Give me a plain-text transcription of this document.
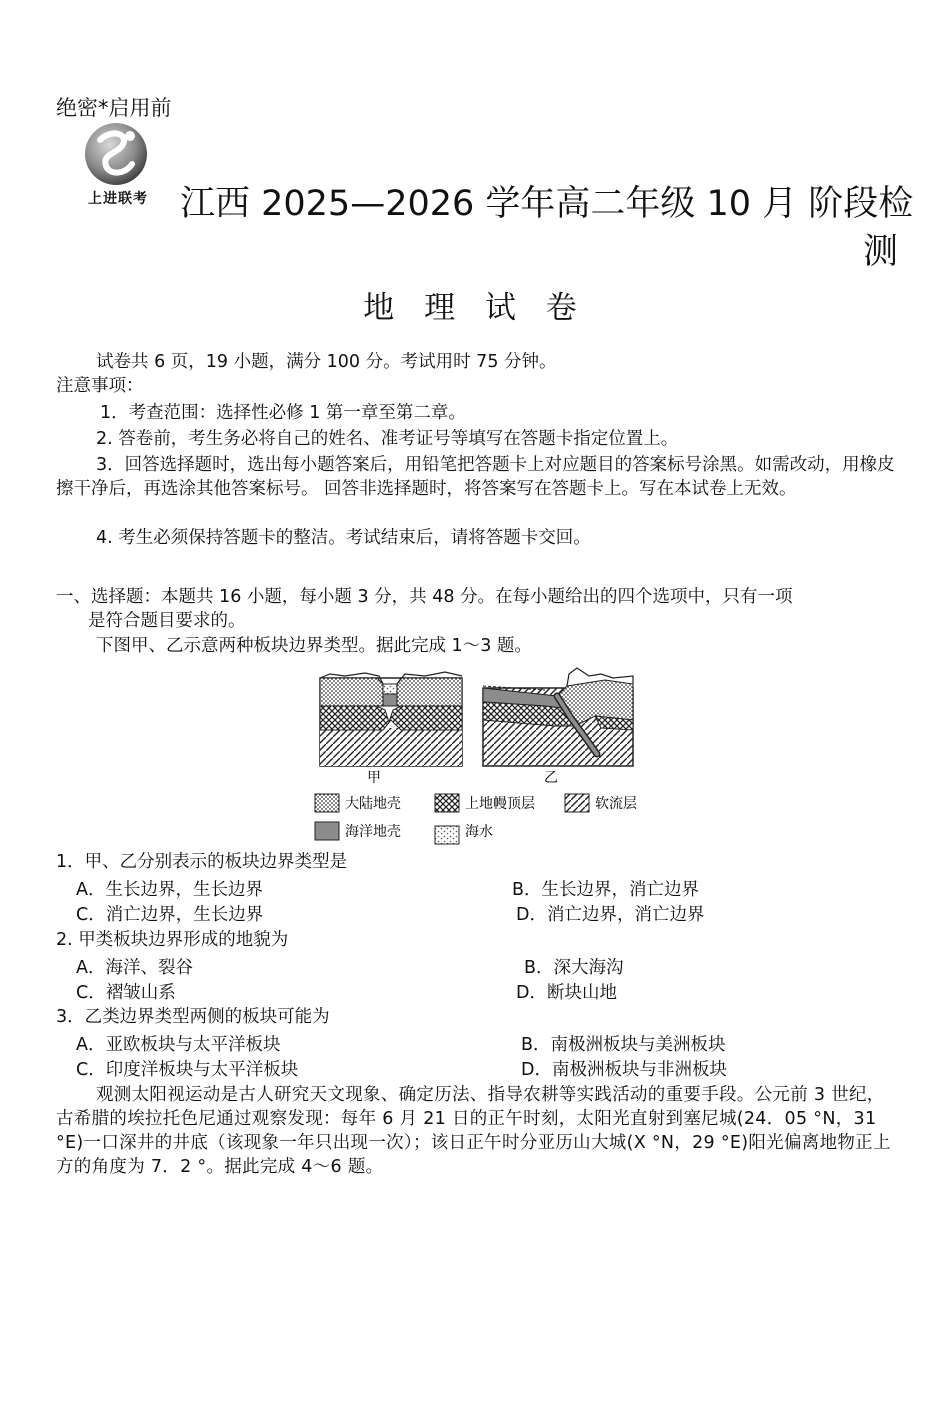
绝密*启用前
上进联考 江西 2025—2026 学年高二年级 10 月 阶段检
测
地 理 试 卷
试卷共 6 页，19 小题，满分 100 分。考试用时 75 分钟。
注意事项：
1．考查范围：选择性必修 1 第一章至第二章。
2. 答卷前，考生务必将自己的姓名、准考证号等填写在答题卡指定位置上。
3．回答选择题时，选出每小题答案后，用铅笔把答题卡上对应题目的答案标号涂黑。如需改动，用橡皮擦干净后，再选涂其他答案标号。 回答非选择题时，将答案写在答题卡上。写在本试卷上无效。
4. 考生必须保持答题卡的整洁。考试结束后，请将答题卡交回。
一、选择题：本题共 16 小题，每小题 3 分，共 48 分。在每小题给出的四个选项中，只有一项
是符合题目要求的。
下图甲、乙示意两种板块边界类型。据此完成 1～3 题。
甲	乙
大陆地壳	上地幔顶层	软流层
海洋地壳	海水
1．甲、乙分别表示的板块边界类型是
A．生长边界，生长边界	B．生长边界，消亡边界
C．消亡边界，生长边界	D．消亡边界，消亡边界
2. 甲类板块边界形成的地貌为
A．海洋、裂谷	B．深大海沟
C．褶皱山系	D．断块山地
3．乙类边界类型两侧的板块可能为
A．亚欧板块与太平洋板块	B．南极洲板块与美洲板块
C．印度洋板块与太平洋板块	D．南极洲板块与非洲板块
观测太阳视运动是古人研究天文现象、确定历法、指导农耕等实践活动的重要手段。公元前 3 世纪，古希腊的埃拉托色尼通过观察发现：每年 6 月 21 日的正午时刻，太阳光直射到塞尼城(24．05 °N，31 °E)一口深井的井底（该现象一年只出现一次）；该日正午时分亚历山大城(X °N，29 °E)阳光偏离地物正上方的角度为 7．2 °。据此完成 4～6 题。
